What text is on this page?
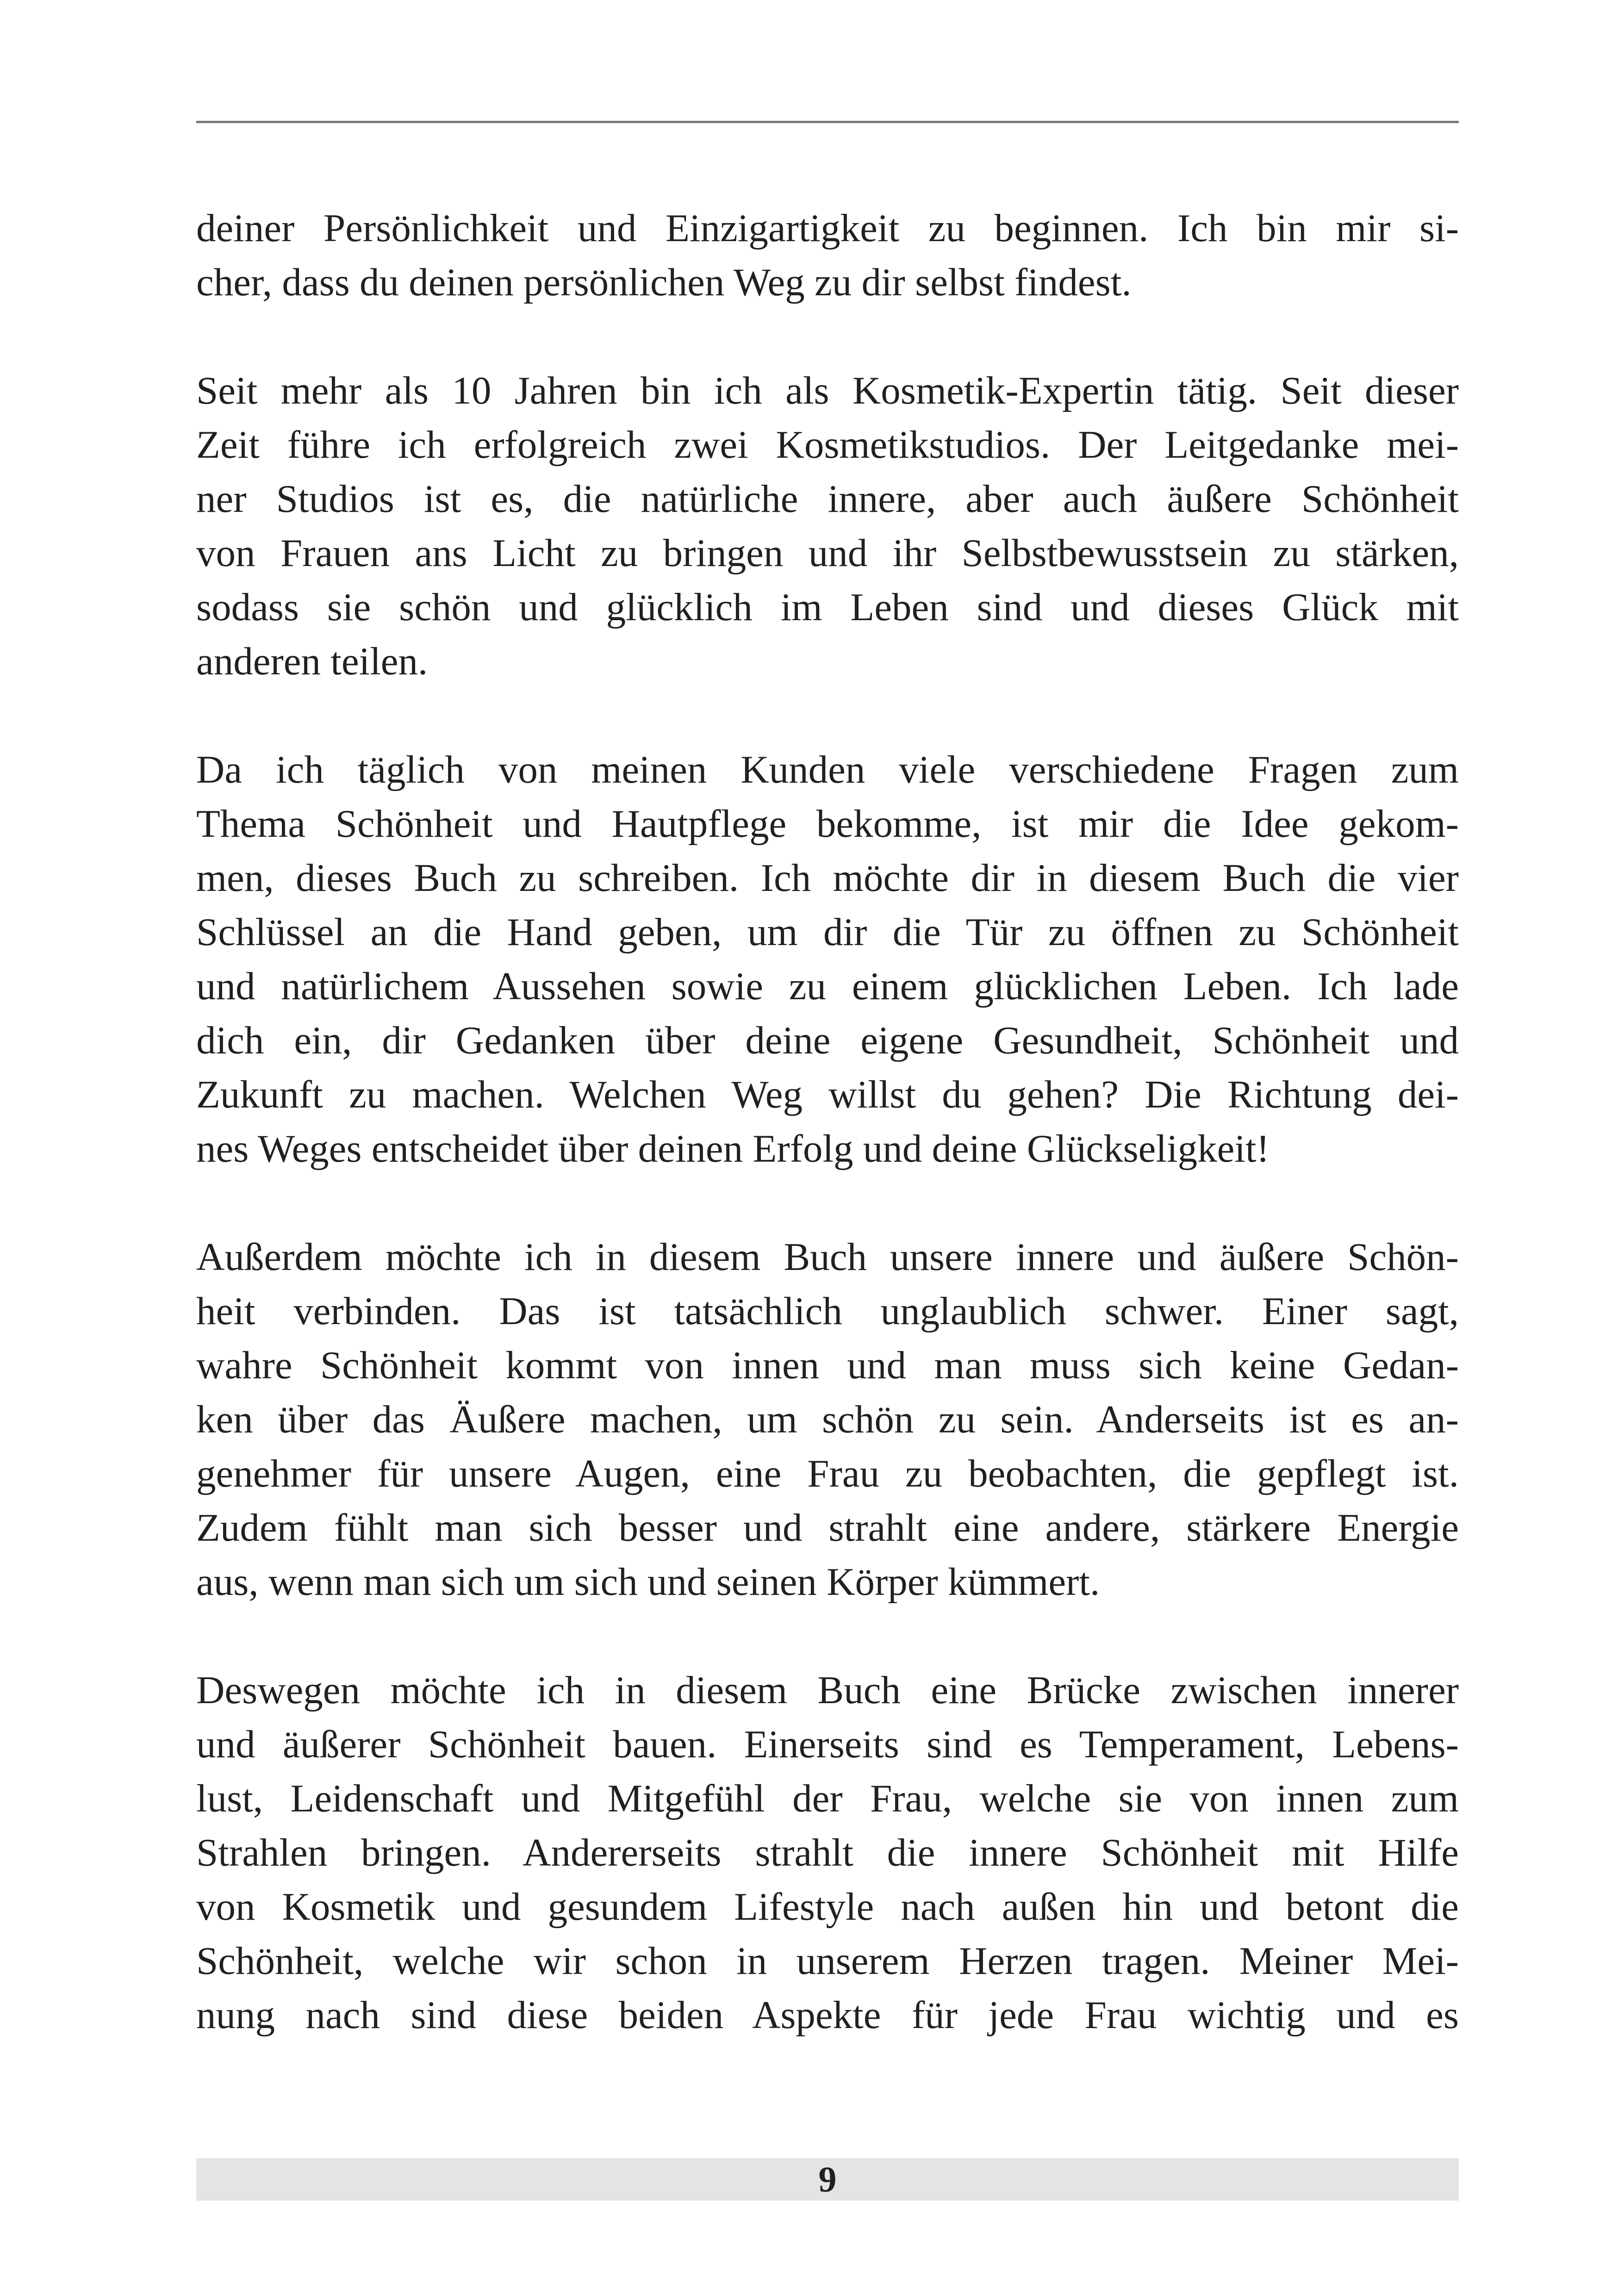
deiner Persönlichkeit und Einzigartigkeit zu beginnen. Ich bin mir si-
cher, dass du deinen persönlichen Weg zu dir selbst findest.
Seit mehr als 10 Jahren bin ich als Kosmetik-Expertin tätig. Seit dieser
Zeit führe ich erfolgreich zwei Kosmetikstudios. Der Leitgedanke mei-
ner Studios ist es, die natürliche innere, aber auch äußere Schönheit
von Frauen ans Licht zu bringen und ihr Selbstbewusstsein zu stärken,
sodass sie schön und glücklich im Leben sind und dieses Glück mit
anderen teilen.
Da ich täglich von meinen Kunden viele verschiedene Fragen zum
Thema Schönheit und Hautpflege bekomme, ist mir die Idee gekom-
men, dieses Buch zu schreiben. Ich möchte dir in diesem Buch die vier
Schlüssel an die Hand geben, um dir die Tür zu öffnen zu Schönheit
und natürlichem Aussehen sowie zu einem glücklichen Leben. Ich lade
dich ein, dir Gedanken über deine eigene Gesundheit, Schönheit und
Zukunft zu machen. Welchen Weg willst du gehen? Die Richtung dei-
nes Weges entscheidet über deinen Erfolg und deine Glückseligkeit!
Außerdem möchte ich in diesem Buch unsere innere und äußere Schön-
heit verbinden. Das ist tatsächlich unglaublich schwer. Einer sagt,
wahre Schönheit kommt von innen und man muss sich keine Gedan-
ken über das Äußere machen, um schön zu sein. Anderseits ist es an-
genehmer für unsere Augen, eine Frau zu beobachten, die gepflegt ist.
Zudem fühlt man sich besser und strahlt eine andere, stärkere Energie
aus, wenn man sich um sich und seinen Körper kümmert.
Deswegen möchte ich in diesem Buch eine Brücke zwischen innerer
und äußerer Schönheit bauen. Einerseits sind es Temperament, Lebens-
lust, Leidenschaft und Mitgefühl der Frau, welche sie von innen zum
Strahlen bringen. Andererseits strahlt die innere Schönheit mit Hilfe
von Kosmetik und gesundem Lifestyle nach außen hin und betont die
Schönheit, welche wir schon in unserem Herzen tragen. Meiner Mei-
nung nach sind diese beiden Aspekte für jede Frau wichtig und es
9
